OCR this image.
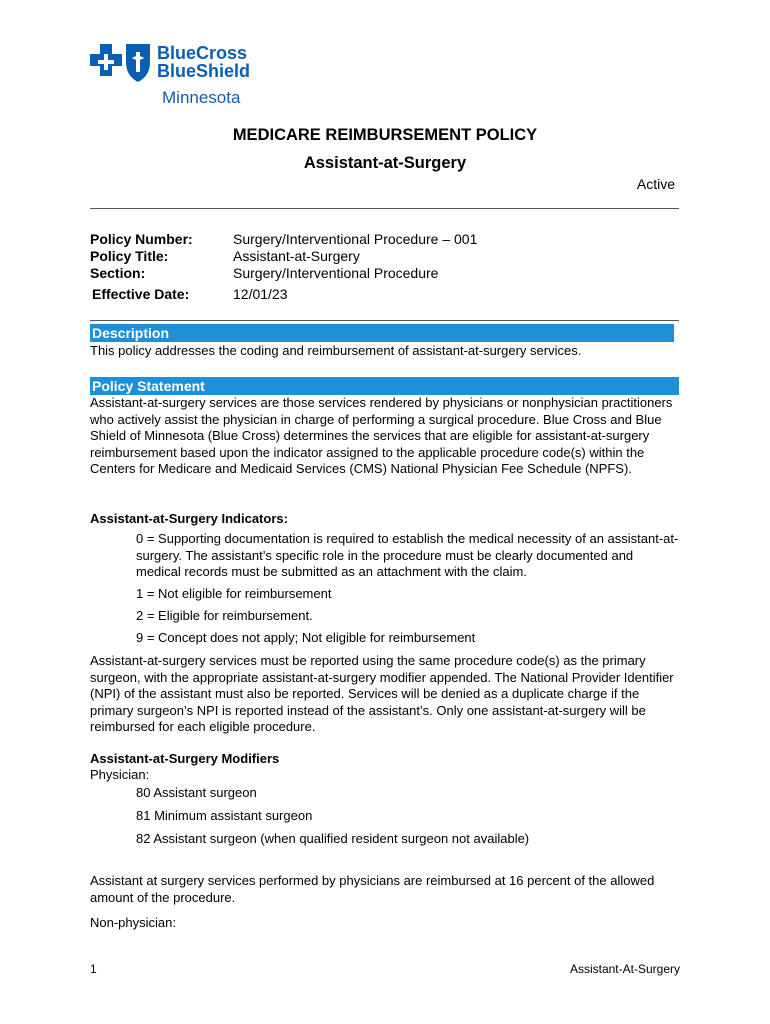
BlueCross
BlueShield
Minnesota
MEDICARE REIMBURSEMENT POLICY
Assistant-at-Surgery
Active
Policy Number:	Surgery/Interventional Procedure – 001
Policy Title:	Assistant-at-Surgery
Section:	Surgery/Interventional Procedure
Effective Date:	12/01/23
Description
This policy addresses the coding and reimbursement of assistant-at-surgery services.
Policy Statement
Assistant-at-surgery services are those services rendered by physicians or nonphysician practitioners who actively assist the physician in charge of performing a surgical procedure. Blue Cross and Blue Shield of Minnesota (Blue Cross) determines the services that are eligible for assistant-at-surgery reimbursement based upon the indicator assigned to the applicable procedure code(s) within the Centers for Medicare and Medicaid Services (CMS) National Physician Fee Schedule (NPFS).
Assistant-at-Surgery Indicators:
0 = Supporting documentation is required to establish the medical necessity of an assistant-at-surgery. The assistant’s specific role in the procedure must be clearly documented and medical records must be submitted as an attachment with the claim.
1 = Not eligible for reimbursement
2 = Eligible for reimbursement.
9 = Concept does not apply; Not eligible for reimbursement
Assistant-at-surgery services must be reported using the same procedure code(s) as the primary surgeon, with the appropriate assistant-at-surgery modifier appended. The National Provider Identifier (NPI) of the assistant must also be reported. Services will be denied as a duplicate charge if the primary surgeon’s NPI is reported instead of the assistant’s. Only one assistant-at-surgery will be reimbursed for each eligible procedure.
Assistant-at-Surgery Modifiers
Physician:
80 Assistant surgeon
81 Minimum assistant surgeon
82 Assistant surgeon (when qualified resident surgeon not available)
Assistant at surgery services performed by physicians are reimbursed at 16 percent of the allowed amount of the procedure.
Non-physician:
1	Assistant-At-Surgery
